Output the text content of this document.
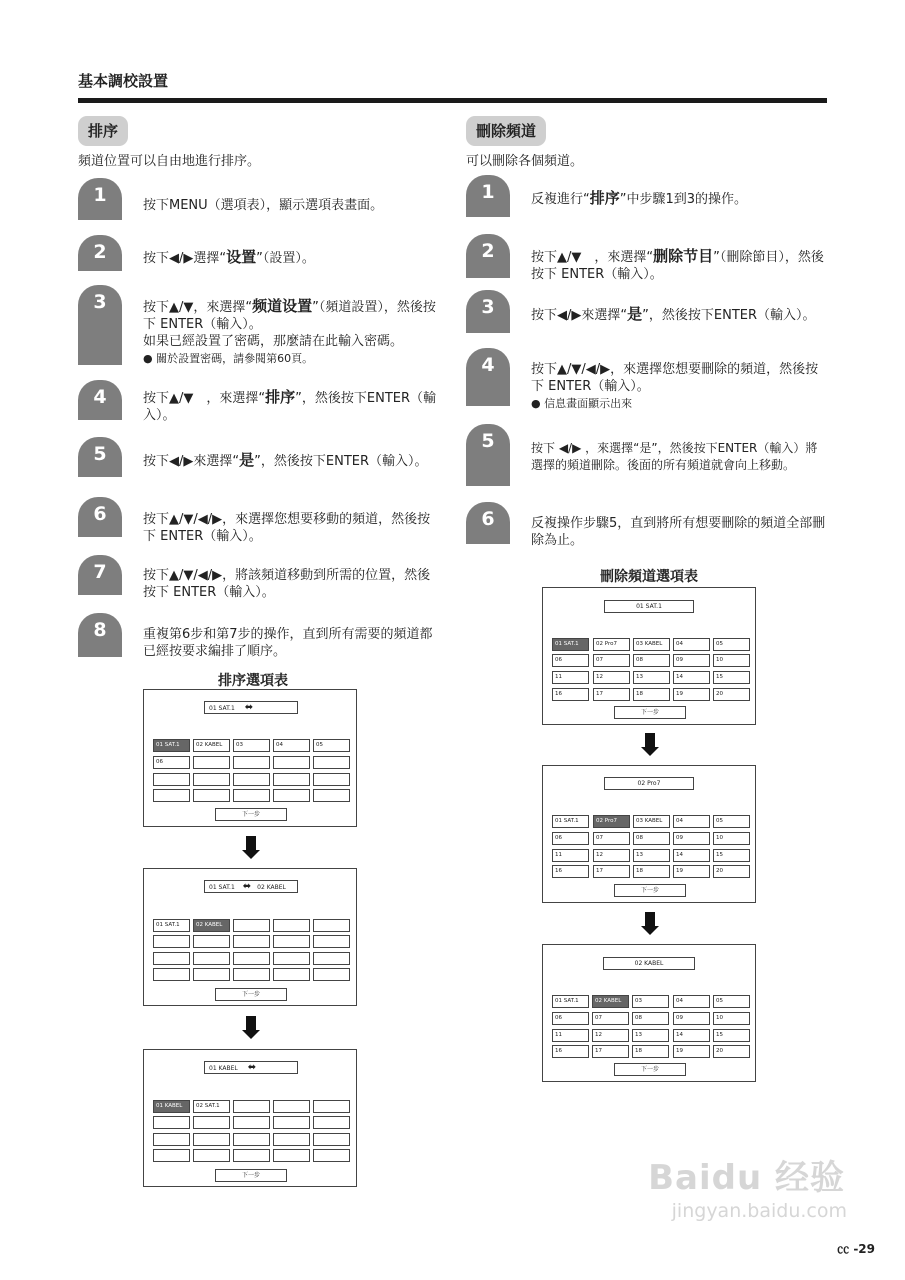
基本調校設置
排序
頻道位置可以自由地進行排序。
1	按下MENU（選項表），顯示選項表畫面。
2	按下◀/▶選擇“设置”（設置）。
3	按下▲/▼，來選擇“频道设置”（頻道設置），然後按下 ENTER（輸入）。
如果已經設置了密碼，那麼請在此輸入密碼。
● 關於設置密碼，請參閱第60頁。
4	按下▲/▼　，來選擇“排序”，然後按下ENTER（輸入）。
5	按下◀/▶來選擇“是”，然後按下ENTER（輸入）。
6	按下▲/▼/◀/▶，來選擇您想要移動的頻道，然後按下 ENTER（輸入）。
7	按下▲/▼/◀/▶，將該頻道移動到所需的位置，然後按下 ENTER（輸入）。
8	重複第6步和第7步的操作，直到所有需要的頻道都已經按要求編排了順序。
排序選項表
01 SAT.1 ⬌
01 SAT.1	02 KABEL	03	04	05
06
下一步
01 SAT.1 ⬌ 02 KABEL
01 SAT.1	02 KABEL
下一步
01 KABEL ⬌
01 KABEL	02 SAT.1
下一步
刪除頻道
可以刪除各個頻道。
1	反複進行“排序”中步驟1到3的操作。
2	按下▲/▼　，來選擇“删除节目”（刪除節目），然後按下 ENTER（輸入）。
3	按下◀/▶來選擇“是”，然後按下ENTER（輸入）。
4	按下▲/▼/◀/▶，來選擇您想要刪除的頻道，然後按下 ENTER（輸入）。
● 信息畫面顯示出來
5	按下 ◀/▶ ，來選擇“是”，然後按下ENTER（輸入）將選擇的頻道刪除。後面的所有頻道就會向上移動。
6	反複操作步驟5，直到將所有想要刪除的頻道全部刪除為止。
刪除頻道選項表
01 SAT.1
01 SAT.1	02 Pro7	03 KABEL	04	05
06	07	08	09	10
11	12	13	14	15
16	17	18	19	20
下一步
02 Pro7
01 SAT.1	02 Pro7	03 KABEL	04	05
06	07	08	09	10
11	12	13	14	15
16	17	18	19	20
下一步
02 KABEL
01 SAT.1	02 KABEL	03	04	05
06	07	08	09	10
11	12	13	14	15
16	17	18	19	20
下一步
Baidu 经验
jingyan.baidu.com
㏄ -29
